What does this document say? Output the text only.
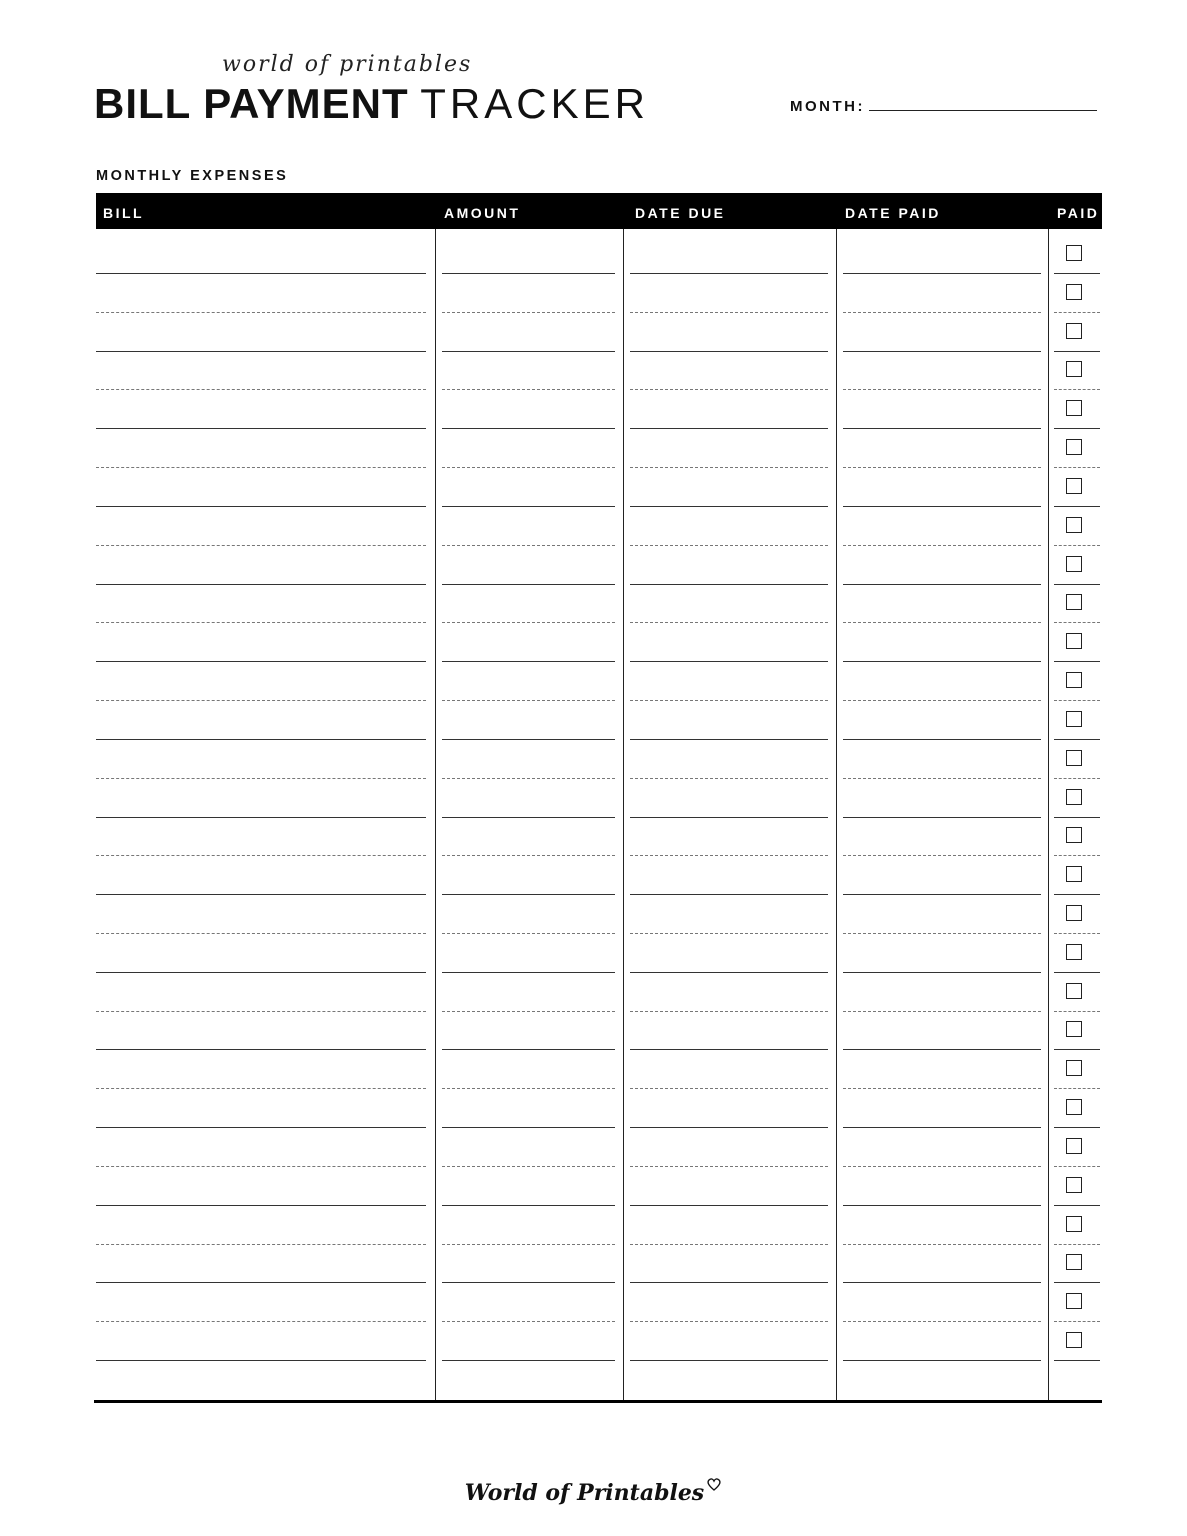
world of printables
BILL PAYMENT TRACKER	MONTH:
MONTHLY EXPENSES
BILL	AMOUNT	DATE DUE	DATE PAID	PAID
World of Printables
